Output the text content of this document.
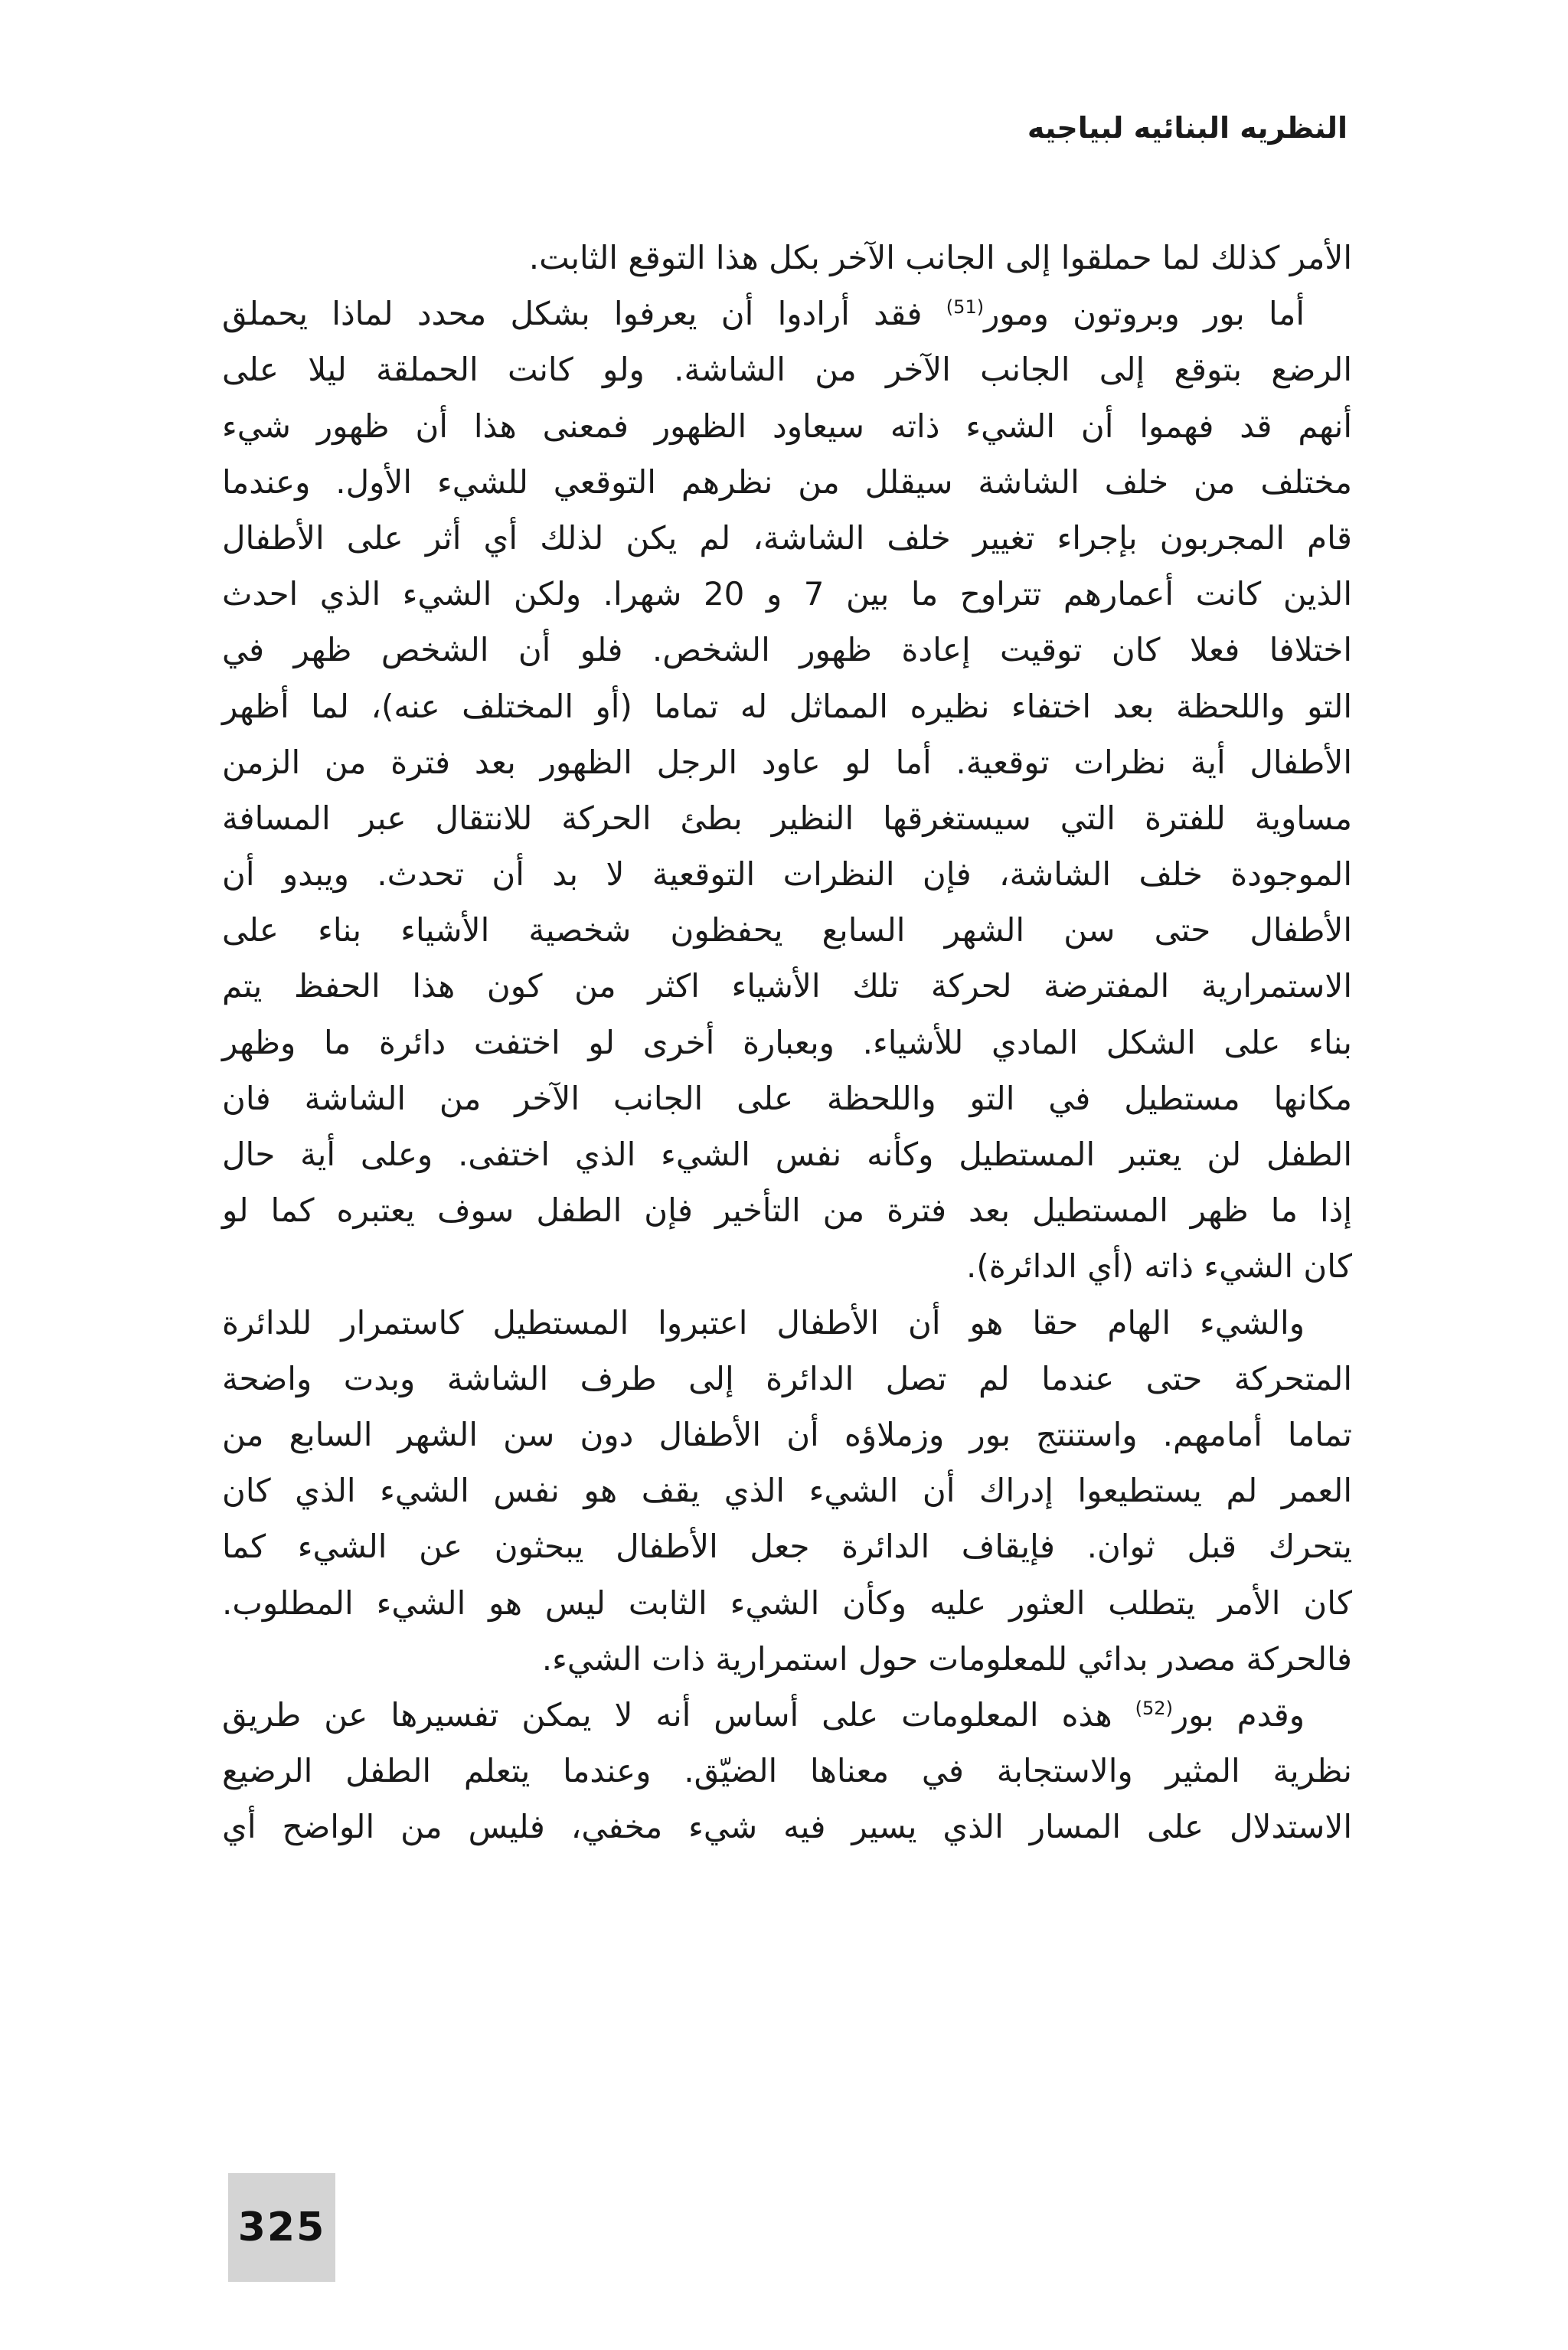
النظريه البنائيه لبياجيه
الأمر كذلك لما حملقوا إلى الجانب الآخر بكل هذا التوقع الثابت.
أما بور وبروتون ومور$^{(51)}$ فقد أرادوا أن يعرفوا بشكل محدد لماذا يحملق
الرضع بتوقع إلى الجانب الآخر من الشاشة. ولو كانت الحملقة ليلا على
أنهم قد فهموا أن الشيء ذاته سيعاود الظهور فمعنى هذا أن ظهور شيء
مختلف من خلف الشاشة سيقلل من نظرهم التوقعي للشيء الأول. وعندما
قام المجربون بإجراء تغيير خلف الشاشة، لم يكن لذلك أي أثر على الأطفال
الذين كانت أعمارهم تتراوح ما بين 7 و 20 شهرا. ولكن الشيء الذي احدث
اختلافا فعلا كان توقيت إعادة ظهور الشخص. فلو أن الشخص ظهر في
التو واللحظة بعد اختفاء نظيره المماثل له تماما (أو المختلف عنه)، لما أظهر
الأطفال أية نظرات توقعية. أما لو عاود الرجل الظهور بعد فترة من الزمن
مساوية للفترة التي سيستغرقها النظير بطئ الحركة للانتقال عبر المسافة
الموجودة خلف الشاشة، فإن النظرات التوقعية لا بد أن تحدث. ويبدو أن
الأطفال حتى سن الشهر السابع يحفظون شخصية الأشياء بناء على
الاستمرارية المفترضة لحركة تلك الأشياء اكثر من كون هذا الحفظ يتم
بناء على الشكل المادي للأشياء. وبعبارة أخرى لو اختفت دائرة ما وظهر
مكانها مستطيل في التو واللحظة على الجانب الآخر من الشاشة فان
الطفل لن يعتبر المستطيل وكأنه نفس الشيء الذي اختفى. وعلى أية حال
إذا ما ظهر المستطيل بعد فترة من التأخير فإن الطفل سوف يعتبره كما لو
كان الشيء ذاته (أي الدائرة).
والشيء الهام حقا هو أن الأطفال اعتبروا المستطيل كاستمرار للدائرة
المتحركة حتى عندما لم تصل الدائرة إلى طرف الشاشة وبدت واضحة
تماما أمامهم. واستنتج بور وزملاؤه أن الأطفال دون سن الشهر السابع من
العمر لم يستطيعوا إدراك أن الشيء الذي يقف هو نفس الشيء الذي كان
يتحرك قبل ثوان. فإيقاف الدائرة جعل الأطفال يبحثون عن الشيء كما
كان الأمر يتطلب العثور عليه وكأن الشيء الثابت ليس هو الشيء المطلوب.
فالحركة مصدر بدائي للمعلومات حول استمرارية ذات الشيء.
وقدم بور$^{(52)}$ هذه المعلومات على أساس أنه لا يمكن تفسيرها عن طريق
نظرية المثير والاستجابة في معناها الضيّق. وعندما يتعلم الطفل الرضيع
الاستدلال على المسار الذي يسير فيه شيء مخفي، فليس من الواضح أي
325
